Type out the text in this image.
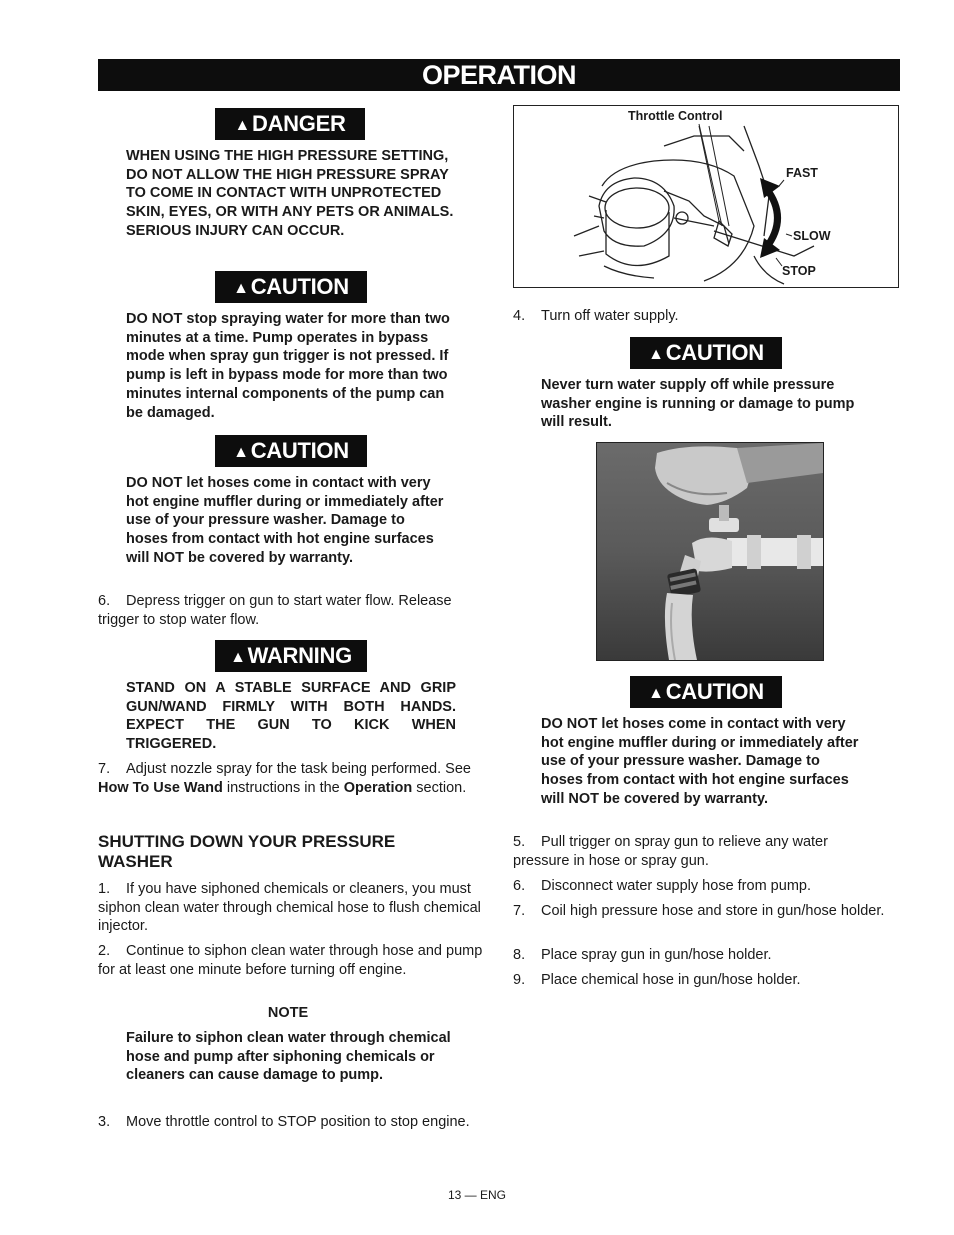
OPERATION
▲DANGER
WHEN USING THE HIGH PRESSURE SETTING, DO NOT ALLOW THE HIGH PRESSURE SPRAY TO COME IN CONTACT WITH UNPROTECTED SKIN, EYES, OR WITH ANY PETS OR ANIMALS. SERIOUS INJURY CAN OCCUR.
▲CAUTION
DO NOT stop spraying water for more than two minutes at a time. Pump operates in bypass mode when spray gun trigger is not pressed. If pump is left in bypass mode for more than two minutes internal components of the pump can be damaged.
▲CAUTION
DO NOT let hoses come in contact with very hot engine muffler during or immediately after use of your pressure washer. Damage to hoses from contact with hot engine surfaces will NOT be covered by warranty.
6. Depress trigger on gun to start water flow. Release trigger to stop water flow.
▲WARNING
STAND ON A STABLE SURFACE AND GRIP GUN/WAND FIRMLY WITH BOTH HANDS. EXPECT THE GUN TO KICK WHEN TRIGGERED.
7. Adjust nozzle spray for the task being performed. See How To Use Wand instructions in the Operation section.
SHUTTING DOWN YOUR PRESSURE WASHER
1. If you have siphoned chemicals or cleaners, you must siphon clean water through chemical hose to flush chemical injector.
2. Continue to siphon clean water through hose and pump for at least one minute before turning off engine.
NOTE
Failure to siphon clean water through chemical hose and pump after siphoning chemicals or cleaners can cause damage to pump.
3. Move throttle control to STOP position to stop engine.
Throttle Control
FAST
SLOW
STOP
4. Turn off water supply.
▲CAUTION
Never turn water supply off while pressure washer engine is running or damage to pump will result.
▲CAUTION
DO NOT let hoses come in contact with very hot engine muffler during or immediately after use of your pressure washer. Damage to hoses from contact with hot engine surfaces will NOT be covered by warranty.
5. Pull trigger on spray gun to relieve any water pressure in hose or spray gun.
6. Disconnect water supply hose from pump.
7. Coil high pressure hose and store in gun/hose holder.
8. Place spray gun in gun/hose holder.
9. Place chemical hose in gun/hose holder.
13 — ENG
